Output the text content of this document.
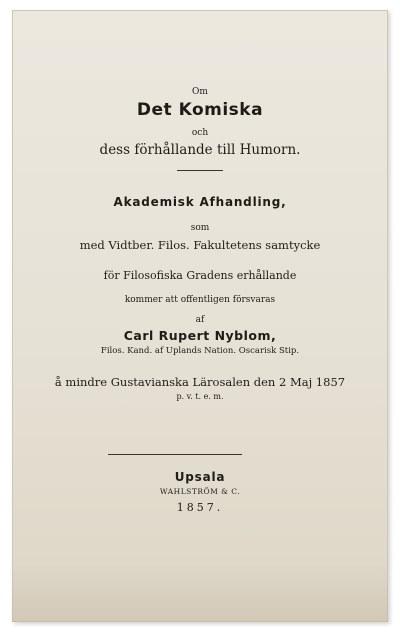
Om
Det Komiska
och
dess förhållande till Humorn.
Akademisk Afhandling,
som
med Vidtber. Filos. Fakultetens samtycke
för Filosofiska Gradens erhållande
kommer att offentligen försvaras
af
Carl Rupert Nyblom,
Filos. Kand. af Uplands Nation. Oscarisk Stip.
å mindre Gustavianska Lärosalen den 2 Maj 1857
p. v. t. e. m.
Upsala
WAHLSTRÖM & C.
1857.
